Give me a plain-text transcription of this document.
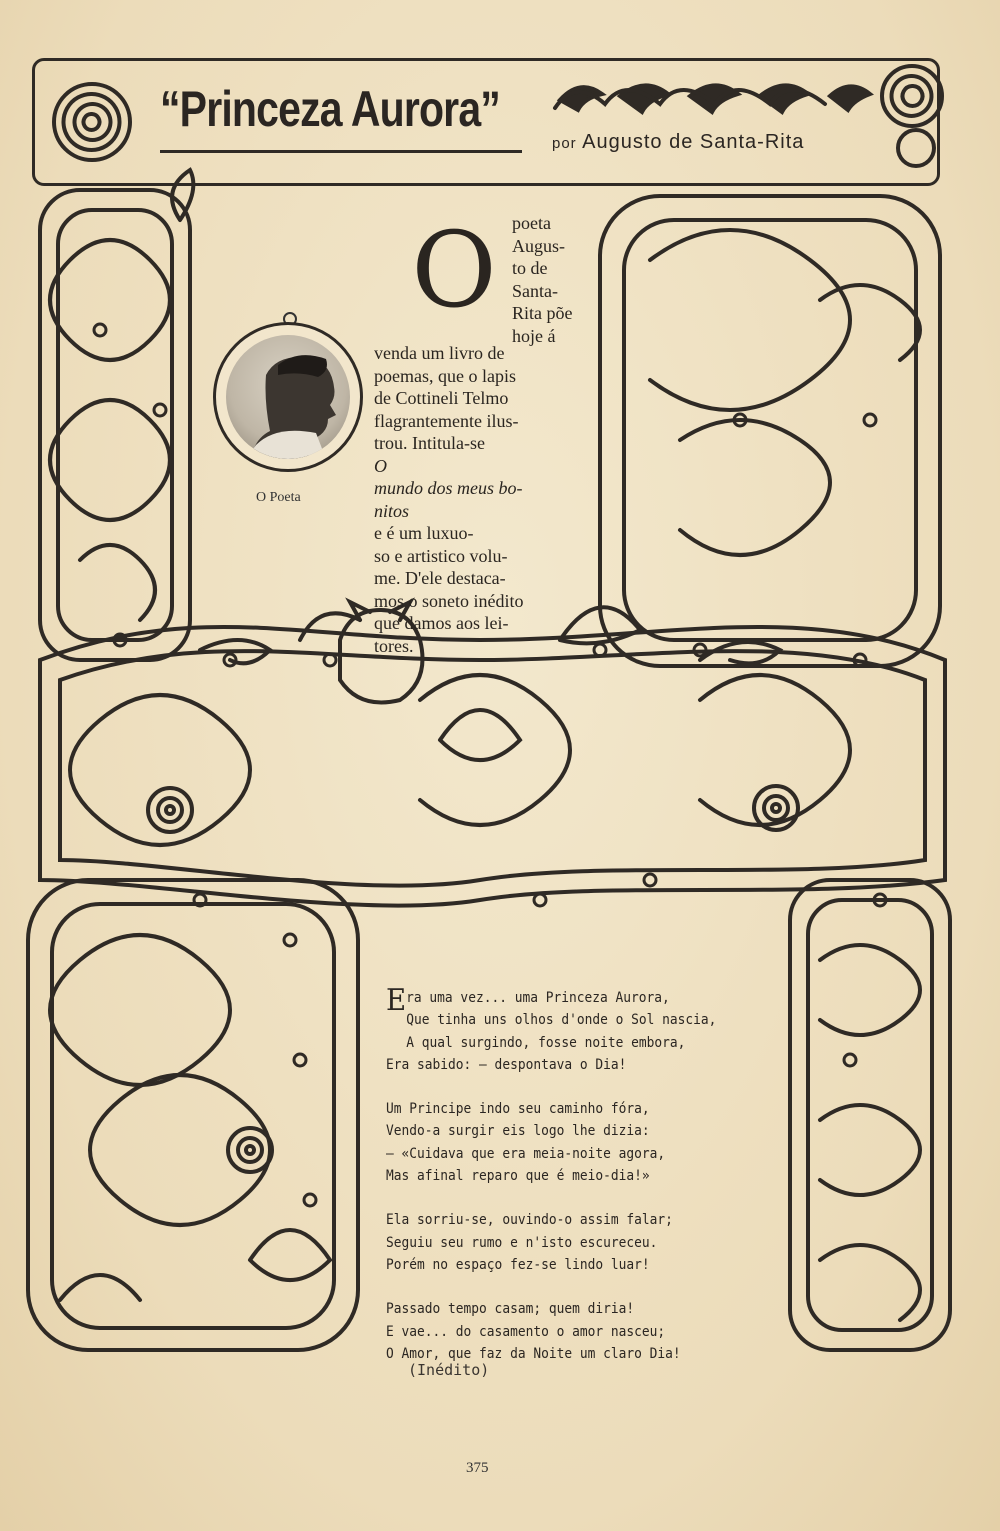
“Princeza Aurora”
por Augusto de Santa-Rita
O Poeta
O poeta
Augus-
to de
Santa-
Rita põe
hoje á
venda um livro de
poemas, que o lapis
de Cottineli Telmo
flagrantemente ilus-
trou. Intitula-se
O
mundo dos meus bo-
nitos
e é um luxuo-
so e artistico volu-
me. D'ele destaca-
mos o soneto inédito
que damos aos lei-
tores.
Era uma vez... uma Princeza Aurora,
Que tinha uns olhos d'onde o Sol nascia,
A qual surgindo, fosse noite embora,
Era sabido: — despontava o Dia!
Um Principe indo seu caminho fóra,
Vendo-a surgir eis logo lhe dizia:
— «Cuidava que era meia-noite agora,
Mas afinal reparo que é meio-dia!»
Ela sorriu-se, ouvindo-o assim falar;
Seguiu seu rumo e n'isto escureceu.
Porém no espaço fez-se lindo luar!
Passado tempo casam; quem diria!
E vae... do casamento o amor nasceu;
O Amor, que faz da Noite um claro Dia!
(Inédito)
375
